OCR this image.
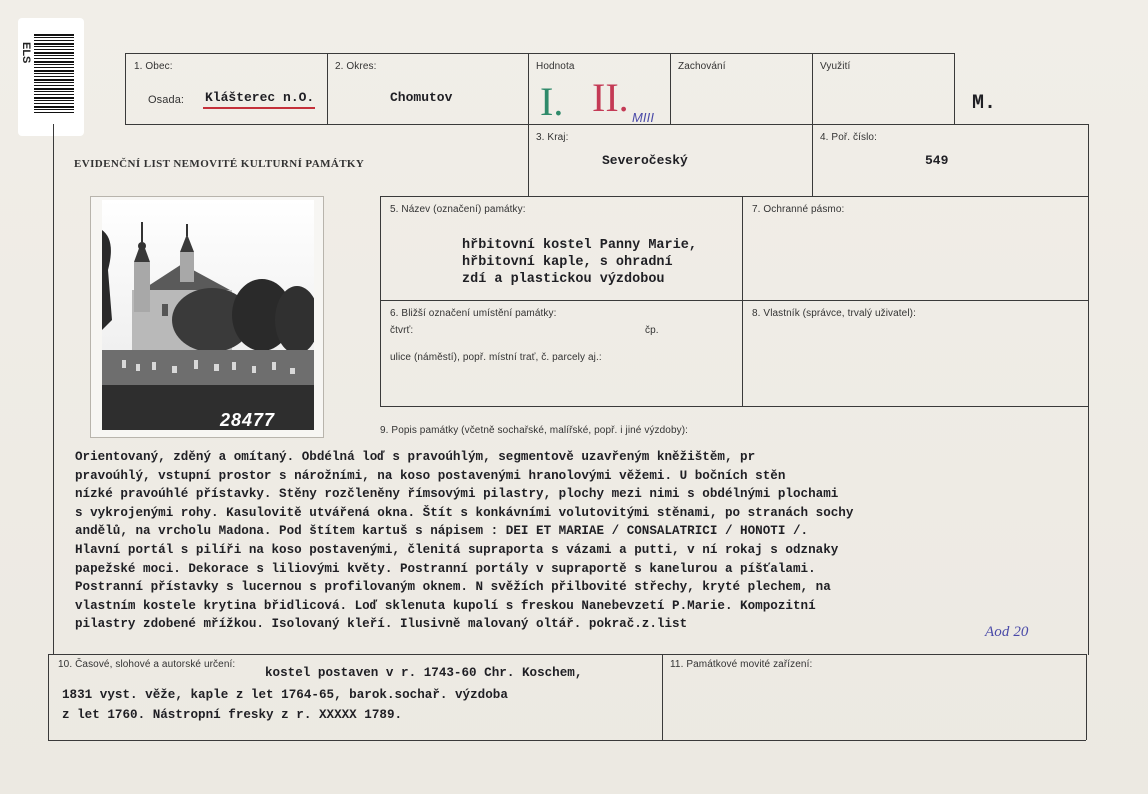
ELS
1. Obec:
Osada: Klášterec n.O.
2. Okres:
Chomutov
Hodnota
I. II. MIII
Zachování	Využití
M.
EVIDENČNÍ LIST NEMOVITÉ KULTURNÍ PAMÁTKY
3. Kraj:
Severočeský
4. Poř. číslo:
549
28477
5. Název (označení) památky:
hřbitovní kostel Panny Marie,
hřbitovní kaple, s ohradní
zdí a plastickou výzdobou
7. Ochranné pásmo:
6. Bližší označení umístění památky:
čtvrť:	čp.
ulice (náměstí), popř. místní trať, č. parcely aj.:
8. Vlastník (správce, trvalý uživatel):
9. Popis památky (včetně sochařské, malířské, popř. i jiné výzdoby):
Orientovaný, zděný a omítaný. Obdélná loď s pravoúhlým, segmentově uzavřeným kněžištěm, pr
pravoúhlý, vstupní prostor s nárožními, na koso postavenými hranolovými věžemi. U bočních stěn
nízké pravoúhlé přístavky. Stěny rozčleněny římsovými pilastry, plochy mezi nimi s obdélnými plochami
s vykrojenými rohy. Kasulovitě utvářená okna. Štít s konkávními volutovitými stěnami, po stranách sochy
andělů, na vrcholu Madona. Pod štítem kartuš s nápisem : DEI ET MARIAE / CONSALATRICI / HONOTI /.
Hlavní portál s pilíři na koso postavenými, členitá supraporta s vázami a putti, v ní rokaj s odznaky
papežské moci. Dekorace s liliovými květy. Postranní portály v supraportě s kanelurou a píšťalami.
Postranní přístavky s lucernou s profilovaným oknem. N svěžích přilbovité střechy, kryté plechem, na
vlastním kostele krytina břidlicová. Loď sklenuta kupolí s freskou Nanebevzetí P.Marie. Kompozitní
pilastry zdobené mřížkou. Isolovaný kleří. Ilusivně malovaný oltář. pokrač.z.list	Aod 20
10. Časové, slohové a autorské určení:
kostel postaven v r. 1743-60 Chr. Koschem,
1831 vyst. věže, kaple z let 1764-65, barok.sochař. výzdoba
z let 1760. Nástropní fresky z r. XXXXX 1789.
11. Památkové movité zařízení:
